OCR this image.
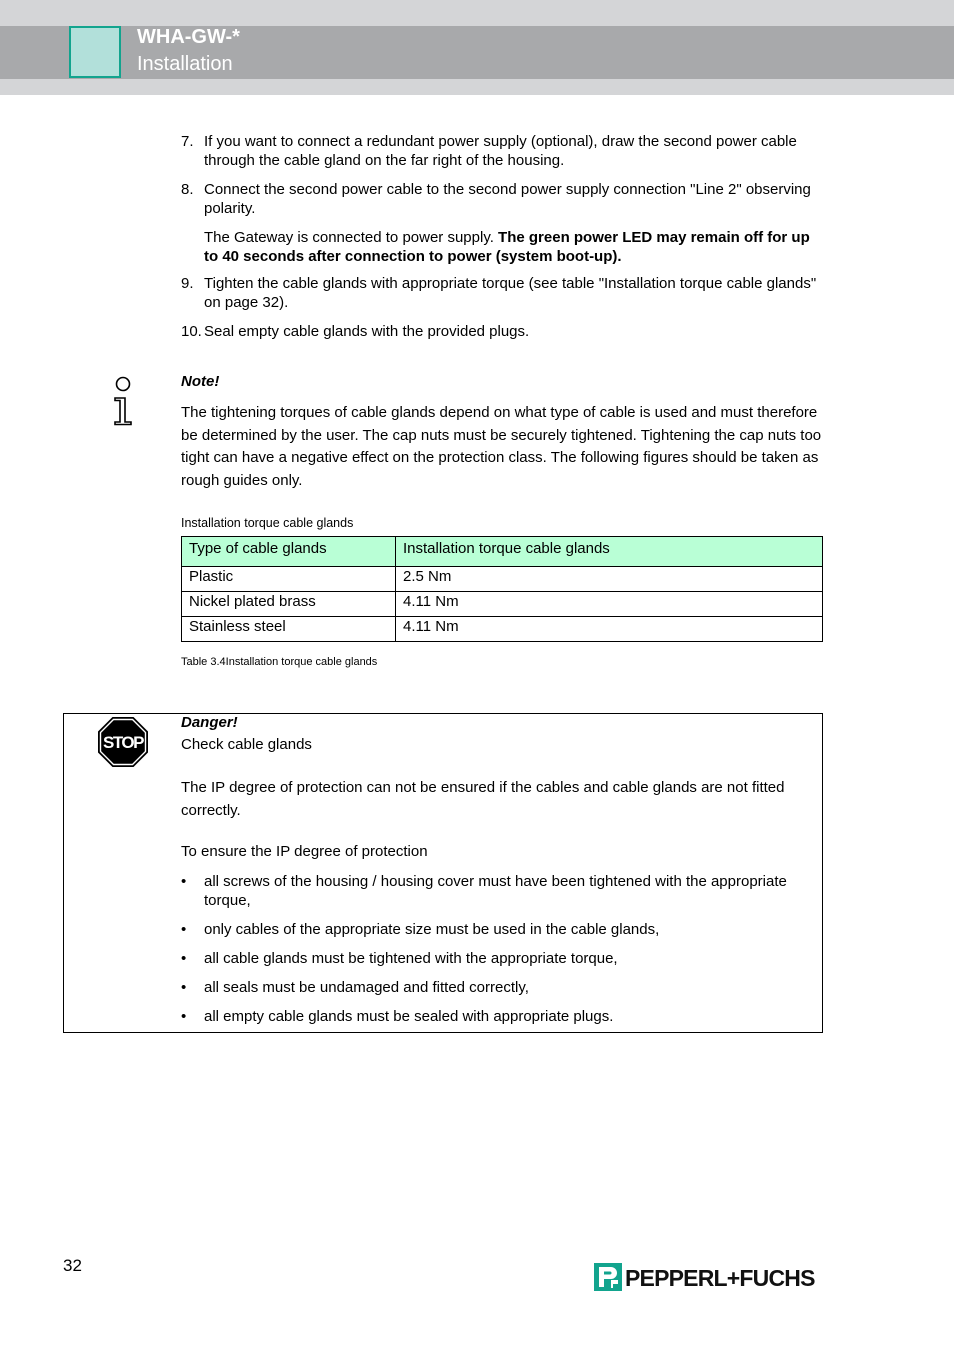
WHA-GW-*
Installation
7. If you want to connect a redundant power supply (optional), draw the second power cable through the cable gland on the far right of the housing.
8. Connect the second power cable to the second power supply connection "Line 2" observing polarity.
The Gateway is connected to power supply. The green power LED may remain off for up to 40 seconds after connection to power (system boot-up).
9. Tighten the cable glands with appropriate torque (see table "Installation torque cable glands" on page 32).
10. Seal empty cable glands with the provided plugs.
Note!
The tightening torques of cable glands depend on what type of cable is used and must therefore be determined by the user. The cap nuts must be securely tightened. Tightening the cap nuts too tight can have a negative effect on the protection class. The following figures should be taken as rough guides only.
Installation torque cable glands
Type of cable glands	Installation torque cable glands
Plastic	2.5 Nm
Nickel plated brass	4.11 Nm
Stainless steel	4.11 Nm
Table 3.4Installation torque cable glands
STOP
Danger!
Check cable glands
The IP degree of protection can not be ensured if the cables and cable glands are not fitted correctly.
To ensure the IP degree of protection
• all screws of the housing / housing cover must have been tightened with the appropriate torque,
• only cables of the appropriate size must be used in the cable glands,
• all cable glands must be tightened with the appropriate torque,
• all seals must be undamaged and fitted correctly,
• all empty cable glands must be sealed with appropriate plugs.
32	PEPPERL+FUCHS
